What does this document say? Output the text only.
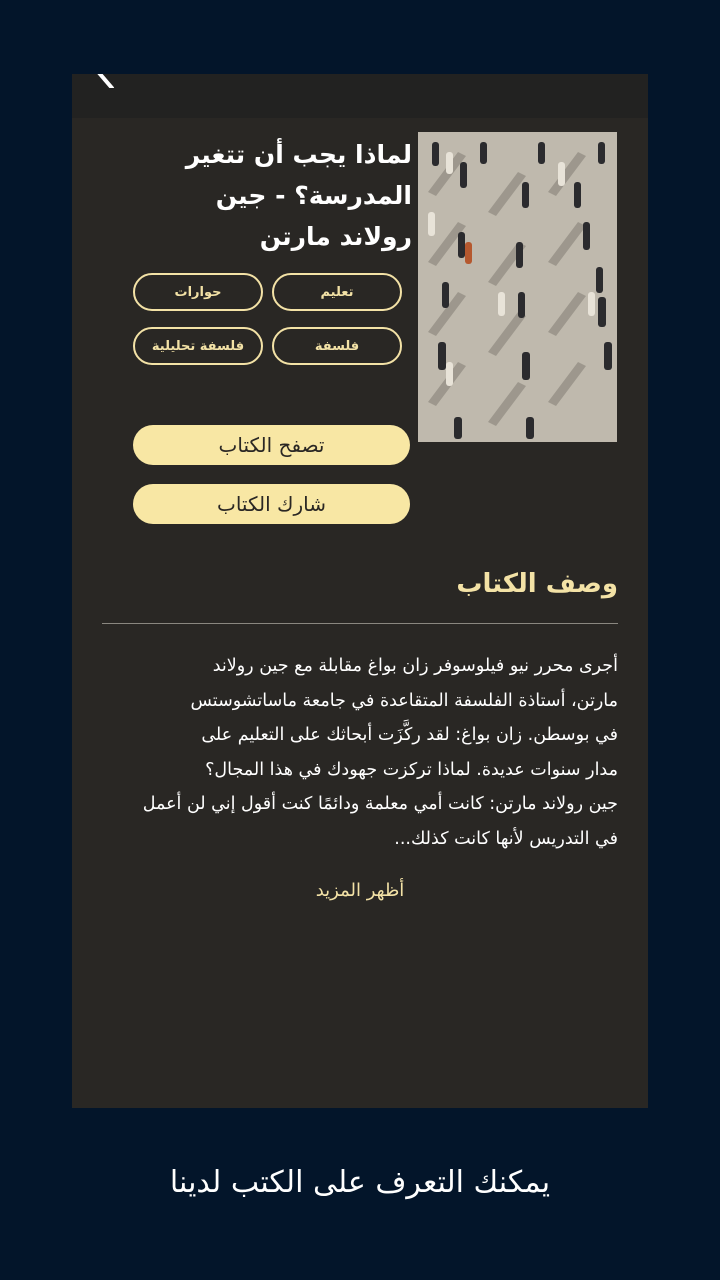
لماذا يجب أن تتغير المدرسة؟ - جين رولاند مارتن
تعليم
حوارات
فلسفة
فلسفة تحليلية
تصفح الكتاب
شارك الكتاب
وصف الكتاب
أجرى محرر نيو فيلوسوفر زان بواغ مقابلة مع جين رولاند
مارتن، أستاذة الفلسفة المتقاعدة في جامعة ماساتشوستس
في بوسطن. زان بواغ: لقد ركَّزَت أبحاثك على التعليم على
مدار سنوات عديدة. لماذا تركزت جهودك في هذا المجال؟
جين رولاند مارتن: كانت أمي معلمة ودائمًا كنت أقول إني لن أعمل
في التدريس لأنها كانت كذلك...
أظهر المزيد
يمكنك التعرف على الكتب لدينا
